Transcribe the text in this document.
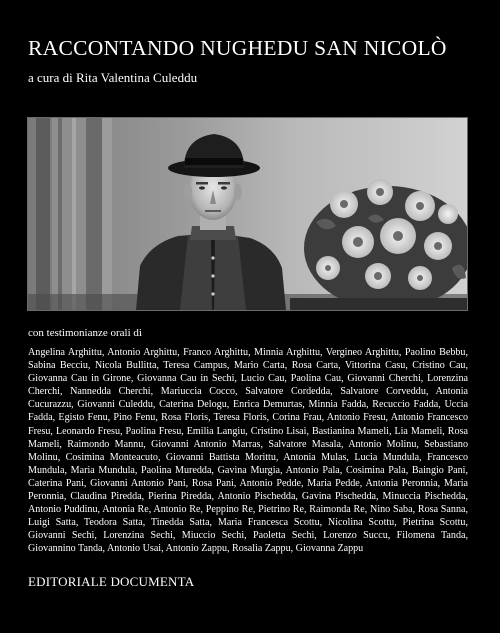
RACCONTANDO NUGHEDU SAN NICOLÒ
a cura di Rita Valentina Culeddu
con testimonianze orali di
Angelina Arghittu, Antonio Arghittu, Franco Arghittu, Minnia Arghittu, Vergineo Arghittu, Paolino Bebbu, Sabina Becciu, Nicola Bullitta, Teresa Campus, Mario Carta, Rosa Carta, Vittorina Casu, Cristino Cau, Giovanna Cau in Girone, Giovanna Cau in Sechi, Lucio Cau, Paolina Cau, Giovanni Cherchi, Lorenzina Cherchi, Nannedda Cherchi, Mariuccia Cocco, Salvatore Cordedda, Salvatore Corveddu, Antonia Cucurazzu, Giovanni Culeddu, Caterina Delogu, Enrica Demurtas, Minnia Fadda, Recuccio Fadda, Uccia Fadda, Egisto Fenu, Pino Fenu, Rosa Floris, Teresa Floris, Corina Frau, Antonio Fresu, Antonio Francesco Fresu, Leonardo Fresu, Paolina Fresu, Emilia Langiu, Cristino Lisai, Bastianina Mameli, Lia Mameli, Rosa Mameli, Raimondo Mannu, Giovanni Antonio Marras, Salvatore Masala, Antonio Molinu, Sebastiano Molinu, Cosimina Monteacuto, Giovanni Battista Morittu, Antonia Mulas, Lucia Mundula, Francesco Mundula, Maria Mundula, Paolina Muredda, Gavina Murgia, Antonio Pala, Cosimina Pala, Baingio Pani, Caterina Pani, Giovanni Antonio Pani, Rosa Pani, Antonio Pedde, Maria Pedde, Antonia Peronnia, Maria Peronnia, Claudina Piredda, Pierina Piredda, Antonio Pischedda, Gavina Pischedda, Minuccia Pischedda, Antonio Puddinu, Antonia Re, Antonio Re, Peppino Re, Pietrino Re, Raimonda Re, Nino Saba, Rosa Sanna, Luigi Satta, Teodora Satta, Tinedda Satta, Maria Francesca Scottu, Nicolina Scottu, Pietrina Scottu, Giovanni Sechi, Lorenzina Sechi, Miuccio Sechi, Paoletta Sechi, Lorenzo Succu, Filomena Tanda, Giovannino Tanda, Antonio Usai, Antonio Zappu, Rosalia Zappu, Giovanna Zappu
EDITORIALE DOCUMENTA
